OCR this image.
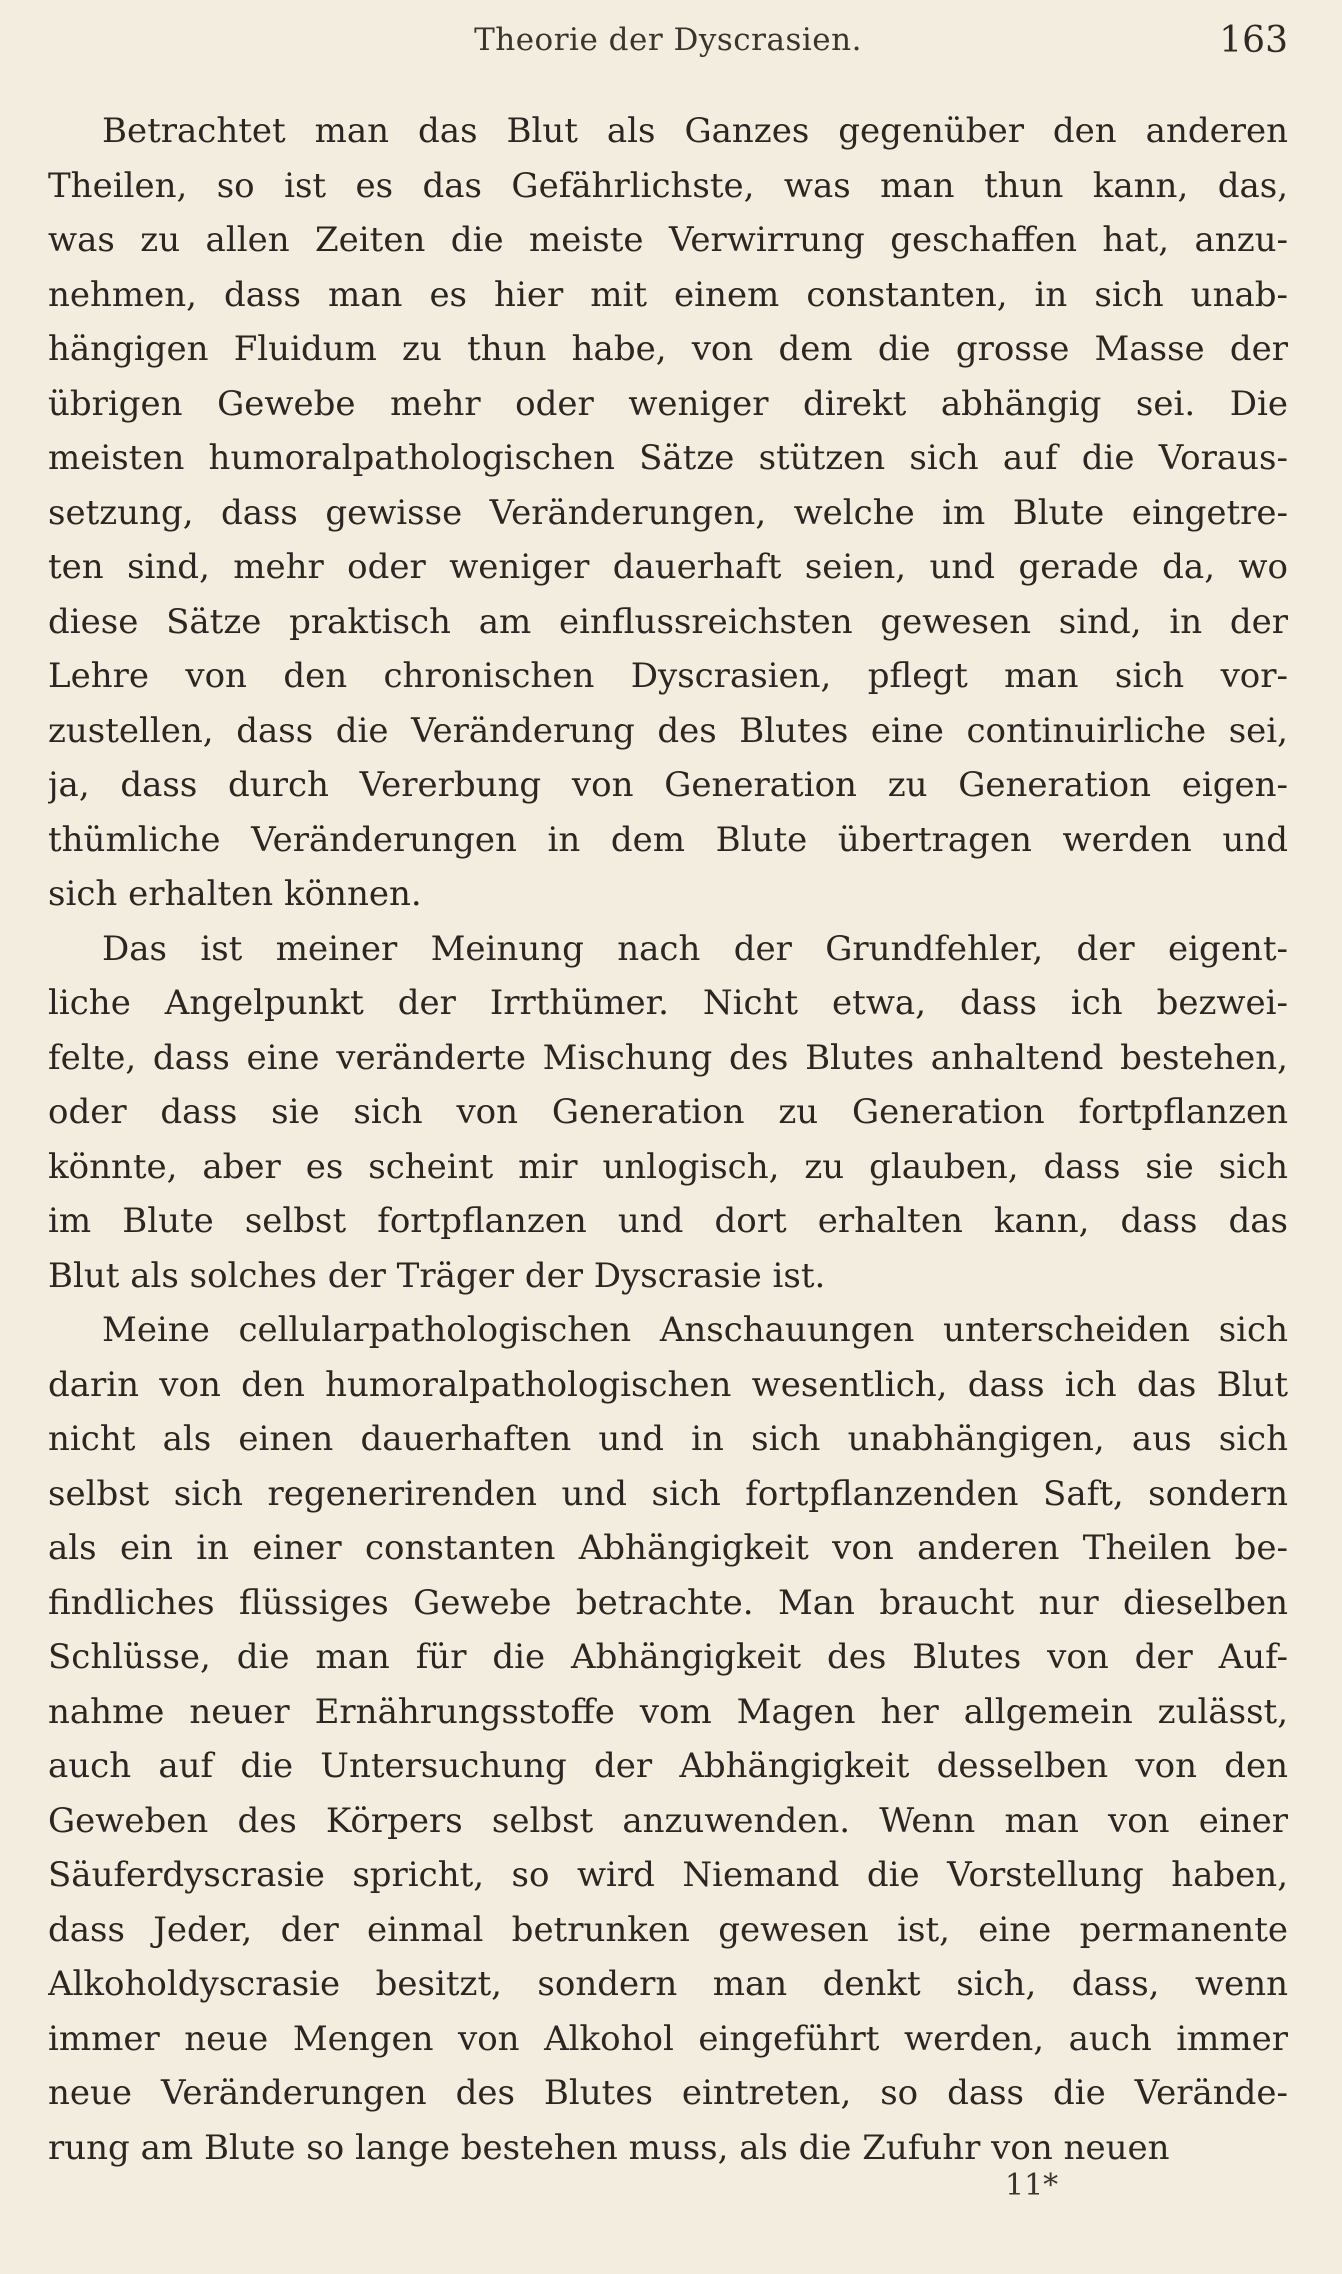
Theorie der Dyscrasien.	163

Betrachtet man das Blut als Ganzes gegenüber den anderen
Theilen, so ist es das Gefährlichste, was man thun kann, das,
was zu allen Zeiten die meiste Verwirrung geschaffen hat, anzu-
nehmen, dass man es hier mit einem constanten, in sich unab-
hängigen Fluidum zu thun habe, von dem die grosse Masse der
übrigen Gewebe mehr oder weniger direkt abhängig sei. Die
meisten humoralpathologischen Sätze stützen sich auf die Voraus-
setzung, dass gewisse Veränderungen, welche im Blute eingetre-
ten sind, mehr oder weniger dauerhaft seien, und gerade da, wo
diese Sätze praktisch am einflussreichsten gewesen sind, in der
Lehre von den chronischen Dyscrasien, pflegt man sich vor-
zustellen, dass die Veränderung des Blutes eine continuirliche sei,
ja, dass durch Vererbung von Generation zu Generation eigen-
thümliche Veränderungen in dem Blute übertragen werden und
sich erhalten können.

Das ist meiner Meinung nach der Grundfehler, der eigent-
liche Angelpunkt der Irrthümer. Nicht etwa, dass ich bezwei-
felte, dass eine veränderte Mischung des Blutes anhaltend bestehen,
oder dass sie sich von Generation zu Generation fortpflanzen
könnte, aber es scheint mir unlogisch, zu glauben, dass sie sich
im Blute selbst fortpflanzen und dort erhalten kann, dass das
Blut als solches der Träger der Dyscrasie ist.

Meine cellularpathologischen Anschauungen unterscheiden sich
darin von den humoralpathologischen wesentlich, dass ich das Blut
nicht als einen dauerhaften und in sich unabhängigen, aus sich
selbst sich regenerirenden und sich fortpflanzenden Saft, sondern
als ein in einer constanten Abhängigkeit von anderen Theilen be-
findliches flüssiges Gewebe betrachte. Man braucht nur dieselben
Schlüsse, die man für die Abhängigkeit des Blutes von der Auf-
nahme neuer Ernährungsstoffe vom Magen her allgemein zulässt,
auch auf die Untersuchung der Abhängigkeit desselben von den
Geweben des Körpers selbst anzuwenden. Wenn man von einer
Säuferdyscrasie spricht, so wird Niemand die Vorstellung haben,
dass Jeder, der einmal betrunken gewesen ist, eine permanente
Alkoholdyscrasie besitzt, sondern man denkt sich, dass, wenn
immer neue Mengen von Alkohol eingeführt werden, auch immer
neue Veränderungen des Blutes eintreten, so dass die Verände-
rung am Blute so lange bestehen muss, als die Zufuhr von neuen

11*
